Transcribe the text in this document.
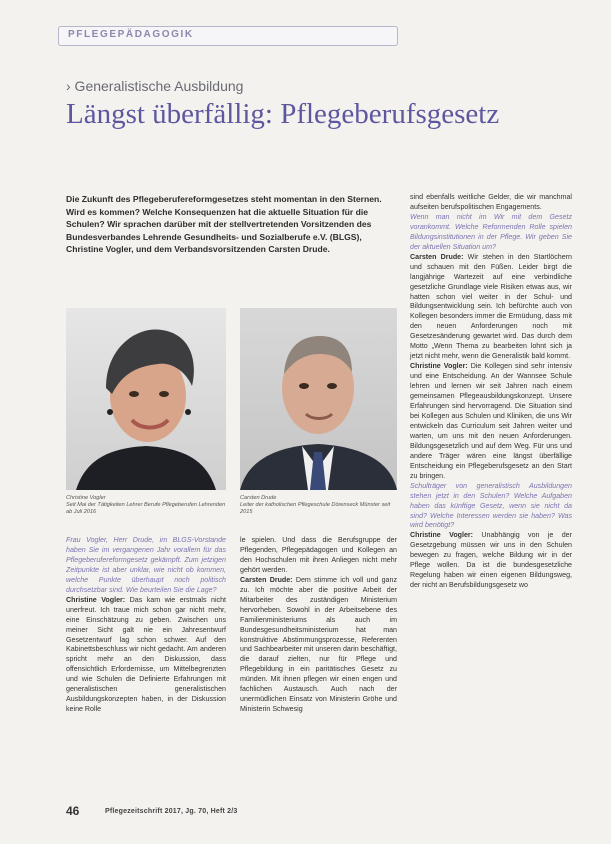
PFLEGEPÄDAGOGIK
› Generalistische Ausbildung
Längst überfällig: Pflegeberufsgesetz
Die Zukunft des Pflegeberufereformgesetzes steht momentan in den Sternen. Wird es kommen? Welche Konsequenzen hat die aktuelle Situation für die Schulen? Wir sprachen darüber mit der stellvertretenden Vorsitzenden des Bundesverbandes Lehrende Gesundheits- und Sozialberufe e.V. (BLGS), Christine Vogler, und dem Verbandsvorsitzenden Carsten Drude.
Christine Vogler
Seit Mai der Tätigkeiten Lehrer Berufe Pflegeberufen Lehrenden ab Juli 2016
Carsten Drude
Leiter der katholischen Pflegeschule Dörenseck Münster seit 2015

Frau Vogler, Herr Drude, im BLGS-Vorstande haben Sie im vergangenen Jahr vorallem für das Pflegeberufereformgesetz gekämpft. Zum jetzigen Zeitpunkte ist aber unklar, wie nicht ob kommen, welche Punkte überhaupt noch politisch durchsetzbar sind. Wie beurteilen Sie die Lage?

Christine Vogler: Das kam wie erstmals nicht unerfreut. Ich traue mich schon gar nicht mehr, eine Einschätzung zu geben. Zwischen uns meiner Sicht galt nie ein Jahresentwurf Gesetzentwurf lag schon schwer. Auf den Kabinettsbeschluss wir nicht gedacht. Am anderen spricht mehr an den Diskussion, dass offensichtlich Erfordernisse, um Mittelbegrenzten und wie Schulen die Definierte Erfahrungen mit generalistischen generalistischen Ausbildungskonzepten haben, in der Diskussion keine Rolle

le spielen. Und dass die Berufsgruppe der Pflegenden, Pflegepädagogen und Kollegen an den Hochschulen mit ihren Anliegen nicht mehr gehört werden.

Carsten Drude: Dem stimme ich voll und ganz zu. Ich möchte aber die positive Arbeit der Mitarbeiter des zuständigen Ministerium hervorheben. Sowohl in der Arbeitsebene des Familienministeriums als auch im Bundesgesundheitsministerium hat man konstruktive Abstimmungsprozesse, Referenten und Sachbearbeiter mit unseren darin beschäftigt, die darauf zielten, nur für Pflege und Pflegebildung in ein paritätisches Gesetz zu münden. Mit ihnen pflegen wir einen engen und fachlichen Austausch. Auch nach der unermüdlichen Einsatz von Ministerin Gröhe und Ministerin Schwesig

sind ebenfalls weitliche Gelder, die wir manchmal aufseiten berufspolitischen Engagements.

Wenn man nicht im Wir mit dem Gesetz vorankommt. Welche Reformenden Rolle spielen Bildungsinstitutionen in der Pflege. Wir geben Sie der aktuellen Situation um?

Carsten Drude: Wir stehen in den Startlöchern und schauen mit den Füßen. Leider birgt die langjährige Wartezeit auf eine verbindliche gesetzliche Grundlage viele Risiken etwas aus, wir hatten schon viel weiter in der Schul- und Bildungsentwicklung sein. Ich befürchte auch von Kollegen besonders immer die Ermüdung, dass mit den neuen Anforderungen noch mit Gesetzesänderung gewartet wird. Das durch dem Motto „Wenn Thema zu bearbeiten lohnt sich ja jetzt nicht mehr, wenn die Generalistik bald kommt.

Christine Vogler: Die Kollegen sind sehr intensiv und eine Entscheidung. An der Wannsee Schule lehren und lernen wir seit Jahren nach einem gemeinsamen Pflegeausbildungskonzept. Unsere Erfahrungen sind hervorragend. Die Situation sind bei Kollegen aus Schulen und Kliniken, die uns Wir entwickeln das Curriculum seit Jahren weiter und warten, um uns mit den neuen Anforderungen. Bildungsgesetzlich und auf dem Weg. Für uns und andere Träger wären eine längst überfällige Entscheidung ein Pflegeberufsgesetz an den Start zu bringen.

Schulträger von generalistisch Ausbildungen stehen jetzt in den Schulen? Welche Aufgaben haben das künftige Gesetz, wenn sie nicht da sind? Welche Interessen werden sie haben? Was wird benötigt?

Christine Vogler: Unabhängig von je der Gesetzgebung müssen wir uns in den Schulen bewegen zu fragen, welche Bildung wir in der Pflege wollen. Da ist die bundesgesetzliche Regelung haben wir einen eigenen Bildungsweg, der nicht an Berufsbildungsgesetz wo

46	Pflegezeitschrift 2017, Jg. 70, Heft 2/3
